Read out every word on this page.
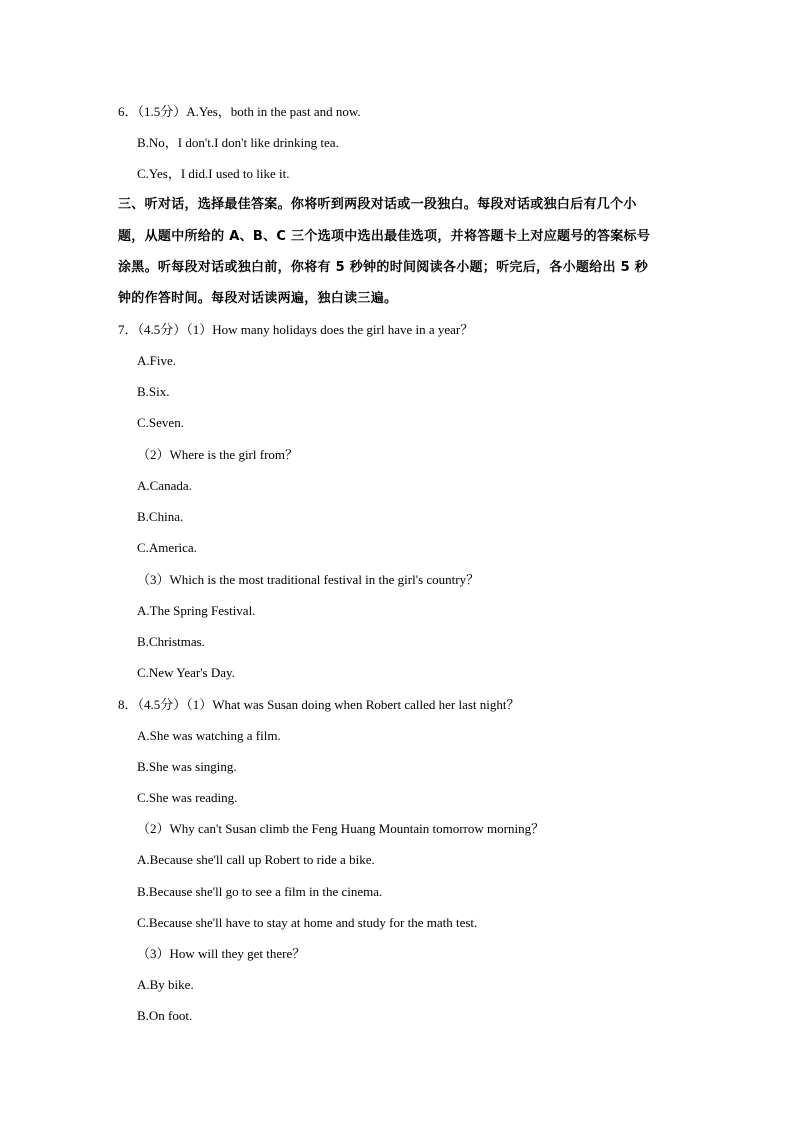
6．（1.5分）A.Yes，both in the past and now.
B.No，I don't.I don't like drinking tea.
C.Yes，I did.I used to like it.
三、听对话，选择最佳答案。你将听到两段对话或一段独白。每段对话或独白后有几个小
题，从题中所给的 A、B、C 三个选项中选出最佳选项，并将答题卡上对应题号的答案标号
涂黑。听每段对话或独白前，你将有 5 秒钟的时间阅读各小题；听完后，各小题给出 5 秒
钟的作答时间。每段对话读两遍，独白读三遍。
7．（4.5分）（1）How many holidays does the girl have in a year？
A.Five.
B.Six.
C.Seven.
（2）Where is the girl from？
A.Canada.
B.China.
C.America.
（3）Which is the most traditional festival in the girl's country？
A.The Spring Festival.
B.Christmas.
C.New Year's Day.
8．（4.5分）（1）What was Susan doing when Robert called her last night？
A.She was watching a film.
B.She was singing.
C.She was reading.
（2）Why can't Susan climb the Feng Huang Mountain tomorrow morning？
A.Because she'll call up Robert to ride a bike.
B.Because she'll go to see a film in the cinema.
C.Because she'll have to stay at home and study for the math test.
（3）How will they get there？
A.By bike.
B.On foot.
